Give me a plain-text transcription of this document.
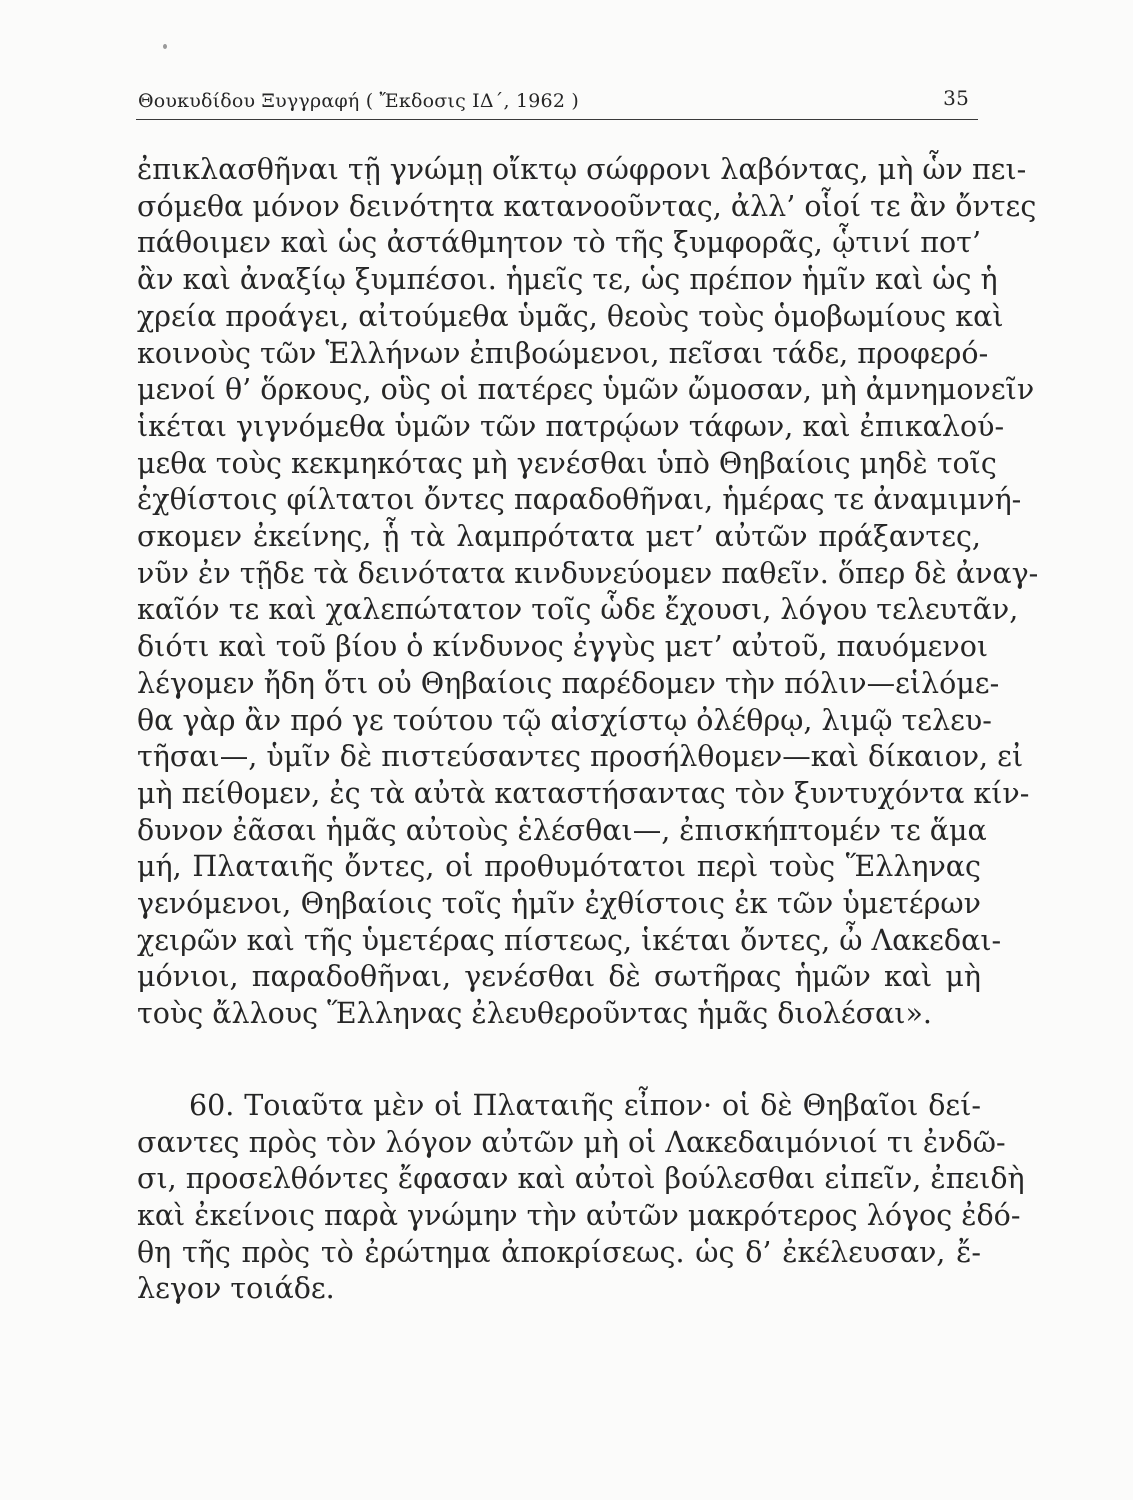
Θουκυδίδου Ξυγγραφή ( Ἔκδοσις ΙΔ΄, 1962 )	35
ἐπικλασθῆναι τῇ γνώμῃ οἴκτῳ σώφρονι λαβόντας, μὴ ὧν πει-
σόμεθα μόνον δεινότητα κατανοοῦντας, ἀλλ’ οἷοί τε ἂν ὄντες
πάθοιμεν καὶ ὡς ἀστάθμητον τὸ τῆς ξυμφορᾶς, ᾧτινί ποτ’
ἂν καὶ ἀναξίῳ ξυμπέσοι. ἡμεῖς τε, ὡς πρέπον ἡμῖν καὶ ὡς ἡ
χρεία προάγει, αἰτούμεθα ὑμᾶς, θεοὺς τοὺς ὁμοβωμίους καὶ
κοινοὺς τῶν Ἑλλήνων ἐπιβοώμενοι, πεῖσαι τάδε, προφερό-
μενοί θ’ ὅρκους, οὓς οἱ πατέρες ὑμῶν ὤμοσαν, μὴ ἀμνημονεῖν
ἱκέται γιγνόμεθα ὑμῶν τῶν πατρῴων τάφων, καὶ ἐπικαλού-
μεθα τοὺς κεκμηκότας μὴ γενέσθαι ὑπὸ Θηβαίοις μηδὲ τοῖς
ἐχθίστοις φίλτατοι ὄντες παραδοθῆναι, ἡμέρας τε ἀναμιμνή-
σκομεν ἐκείνης, ᾗ τὰ λαμπρότατα μετ’ αὐτῶν πράξαντες,
νῦν ἐν τῇδε τὰ δεινότατα κινδυνεύομεν παθεῖν. ὅπερ δὲ ἀναγ-
καῖόν τε καὶ χαλεπώτατον τοῖς ὧδε ἔχουσι, λόγου τελευτᾶν,
διότι καὶ τοῦ βίου ὁ κίνδυνος ἐγγὺς μετ’ αὐτοῦ, παυόμενοι
λέγομεν ἤδη ὅτι οὐ Θηβαίοις παρέδομεν τὴν πόλιν—εἱλόμε-
θα γὰρ ἂν πρό γε τούτου τῷ αἰσχίστῳ ὀλέθρῳ, λιμῷ τελευ-
τῆσαι—, ὑμῖν δὲ πιστεύσαντες προσήλθομεν—καὶ δίκαιον, εἰ
μὴ πείθομεν, ἐς τὰ αὐτὰ καταστήσαντας τὸν ξυντυχόντα κίν-
δυνον ἐᾶσαι ἡμᾶς αὐτοὺς ἑλέσθαι—, ἐπισκήπτομέν τε ἅμα
μή, Πλαταιῆς ὄντες, οἱ προθυμότατοι περὶ τοὺς Ἕλληνας
γενόμενοι, Θηβαίοις τοῖς ἡμῖν ἐχθίστοις ἐκ τῶν ὑμετέρων
χειρῶν καὶ τῆς ὑμετέρας πίστεως, ἱκέται ὄντες, ὦ Λακεδαι-
μόνιοι, παραδοθῆναι, γενέσθαι δὲ σωτῆρας ἡμῶν καὶ μὴ
τοὺς ἄλλους Ἕλληνας ἐλευθεροῦντας ἡμᾶς διολέσαι».
60. Τοιαῦτα μὲν οἱ Πλαταιῆς εἶπον· οἱ δὲ Θηβαῖοι δεί-
σαντες πρὸς τὸν λόγον αὐτῶν μὴ οἱ Λακεδαιμόνιοί τι ἐνδῶ-
σι, προσελθόντες ἔφασαν καὶ αὐτοὶ βούλεσθαι εἰπεῖν, ἐπειδὴ
καὶ ἐκείνοις παρὰ γνώμην τὴν αὐτῶν μακρότερος λόγος ἐδό-
θη τῆς πρὸς τὸ ἐρώτημα ἀποκρίσεως. ὡς δ’ ἐκέλευσαν, ἔ-
λεγον τοιάδε.
